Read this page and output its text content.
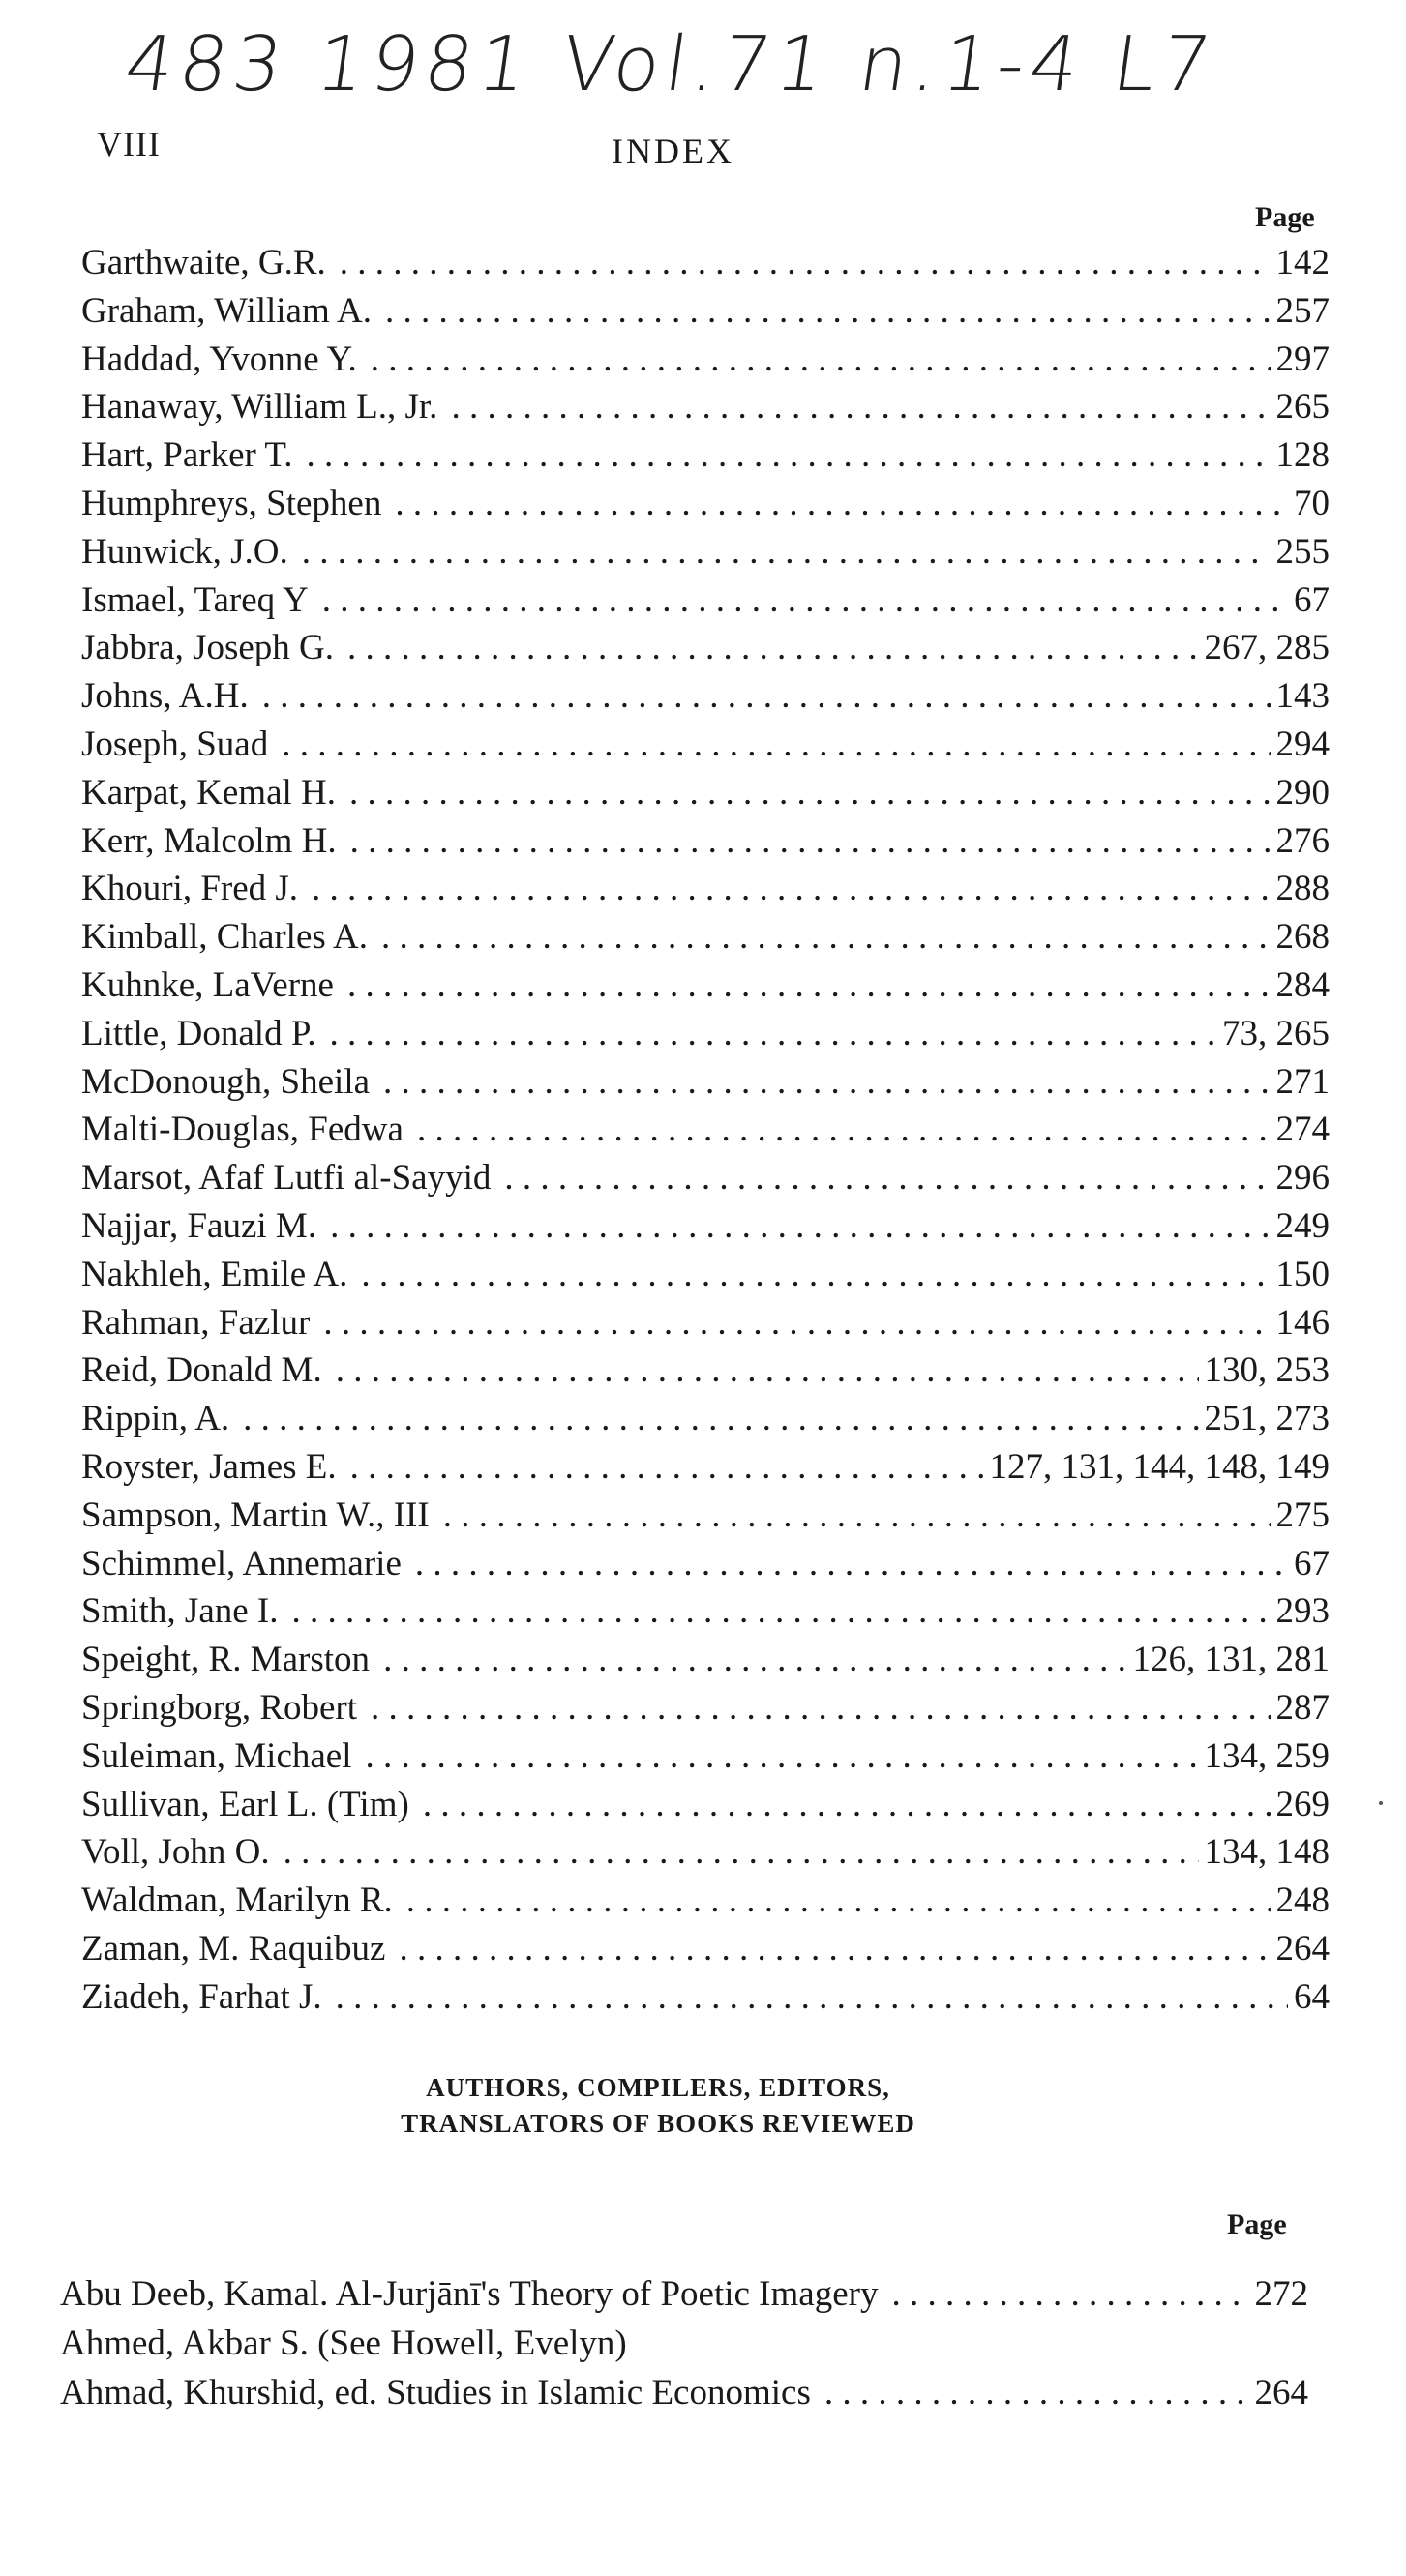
483 1981 Vol.71 n.1-4 L7
VIII	INDEX
Page
Garthwaite, G.R. . . .	142
Graham, William A. . . .	257
Haddad, Yvonne Y. . . .	297
Hanaway, William L., Jr. . . .	265
Hart, Parker T. . . .	128
Humphreys, Stephen . . .	70
Hunwick, J.O. . . .	255
Ismael, Tareq Y . . .	67
Jabbra, Joseph G. . . .	267, 285
Johns, A.H. . . .	143
Joseph, Suad . . .	294
Karpat, Kemal H. . . .	290
Kerr, Malcolm H. . . .	276
Khouri, Fred J. . . .	288
Kimball, Charles A. . . .	268
Kuhnke, LaVerne . . .	284
Little, Donald P. . . .	73, 265
McDonough, Sheila . . .	271
Malti-Douglas, Fedwa . . .	274
Marsot, Afaf Lutfi al-Sayyid . . .	296
Najjar, Fauzi M. . . .	249
Nakhleh, Emile A. . . .	150
Rahman, Fazlur . . .	146
Reid, Donald M. . . .	130, 253
Rippin, A. . . .	251, 273
Royster, James E. . . .	127, 131, 144, 148, 149
Sampson, Martin W., III . . .	275
Schimmel, Annemarie . . .	67
Smith, Jane I. . . .	293
Speight, R. Marston . . .	126, 131, 281
Springborg, Robert . . .	287
Suleiman, Michael . . .	134, 259
Sullivan, Earl L. (Tim) . . .	269
Voll, John O. . . .	134, 148
Waldman, Marilyn R. . . .	248
Zaman, M. Raquibuz . . .	264
Ziadeh, Farhat J. . . .	64
AUTHORS, COMPILERS, EDITORS,
TRANSLATORS OF BOOKS REVIEWED
Page
Abu Deeb, Kamal. Al-Jurjānī's Theory of Poetic Imagery . . .	272
Ahmed, Akbar S. (See Howell, Evelyn)
Ahmad, Khurshid, ed. Studies in Islamic Economics . . .	264
